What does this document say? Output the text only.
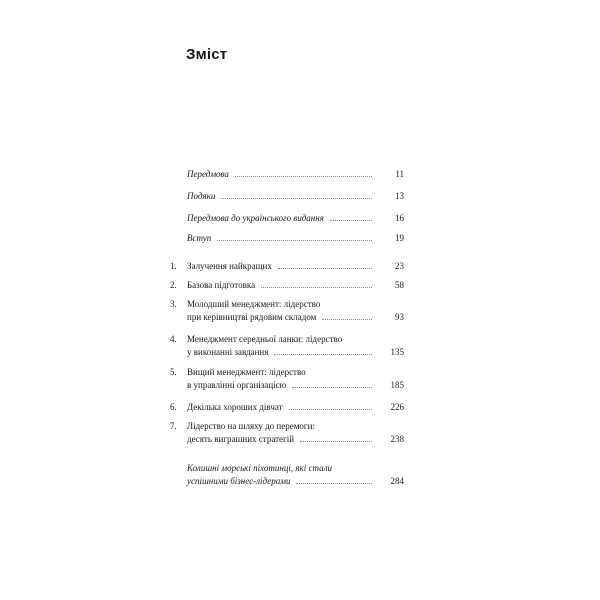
Зміст
Передмова	11
Подяки	13
Передмова до українського видання	16
Вступ	19
1.	Залучення найкращих	23
2.	Базова підготовка	58
3.	Молодший менеджмент: лідерство
при керівництві рядовим складом	93
4.	Менеджмент середньої ланки: лідерство
у виконанні завдання	135
5.	Вищий менеджмент: лідерство
в управлінні організацією	185
6.	Декілька хороших дівчат	226
7.	Лідерство на шляху до перемоги:
десять виграшних стратегій	238
Колишні морські піхотинці, які стали
успішними бізнес-лідерами	284
